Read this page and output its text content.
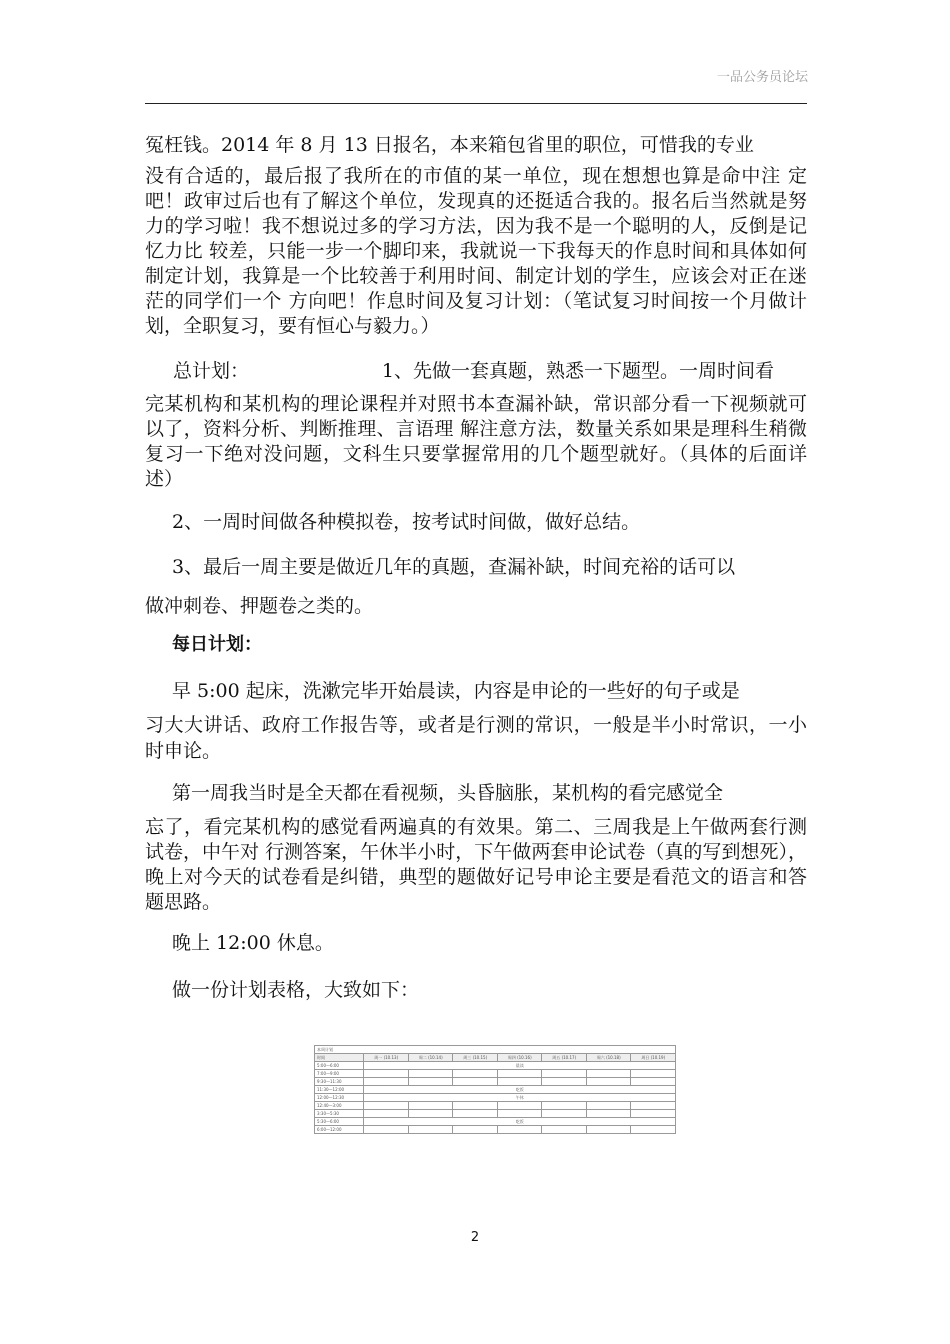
一品公务员论坛

冤枉钱。2014 年 8 月 13 日报名，本来箱包省里的职位，可惜我的专业

没有合适的，最后报了我所在的市值的某一单位，现在想想也算是命中注 定吧！政审过后也有了解这个单位，发现真的还挺适合我的。报名后当然就是努力的学习啦！我不想说过多的学习方法，因为我不是一个聪明的人，反倒是记忆力比 较差，只能一步一个脚印来，我就说一下我每天的作息时间和具体如何制定计划，我算是一个比较善于利用时间、制定计划的学生，应该会对正在迷茫的同学们一个 方向吧！作息时间及复习计划：（笔试复习时间按一个月做计划，全职复习，要有恒心与毅力。）

总计划：                      1、先做一套真题，熟悉一下题型。一周时间看

完某机构和某机构的理论课程并对照书本查漏补缺，常识部分看一下视频就可以了，资料分析、判断推理、言语理 解注意方法，数量关系如果是理科生稍微复习一下绝对没问题，文科生只要掌握常用的几个题型就好。（具体的后面详述）

2、一周时间做各种模拟卷，按考试时间做，做好总结。

3、最后一周主要是做近几年的真题，查漏补缺，时间充裕的话可以

做冲刺卷、押题卷之类的。

每日计划：

早 5:00 起床，洗漱完毕开始晨读，内容是申论的一些好的句子或是

习大大讲话、政府工作报告等，或者是行测的常识，一般是半小时常识，一小时申论。

第一周我当时是全天都在看视频，头昏脑胀，某机构的看完感觉全

忘了，看完某机构的感觉看两遍真的有效果。第二、三周我是上午做两套行测试卷，中午对 行测答案，午休半小时，下午做两套申论试卷（真的写到想死），晚上对今天的试卷看是纠错，典型的题做好记号申论主要是看范文的语言和答题思路。

晚上 12:00 休息。

做一份计划表格，大致如下：

本周计划							
时间	周一 (10.13)	周二 (10.14)	周三 (10.15)	周四 (10.16)	周五 (10.17)	周六 (10.18)	周日 (10.19)
5:00—6:00	晨读						
7:00—9:00							
9:30—11:30							
11:30—12:00	吃饭						
12:00—12:30	午休						
12:40—3:00							
3:30—5:30							
5:30—6:00	吃饭						
6:00—12:00							
2
